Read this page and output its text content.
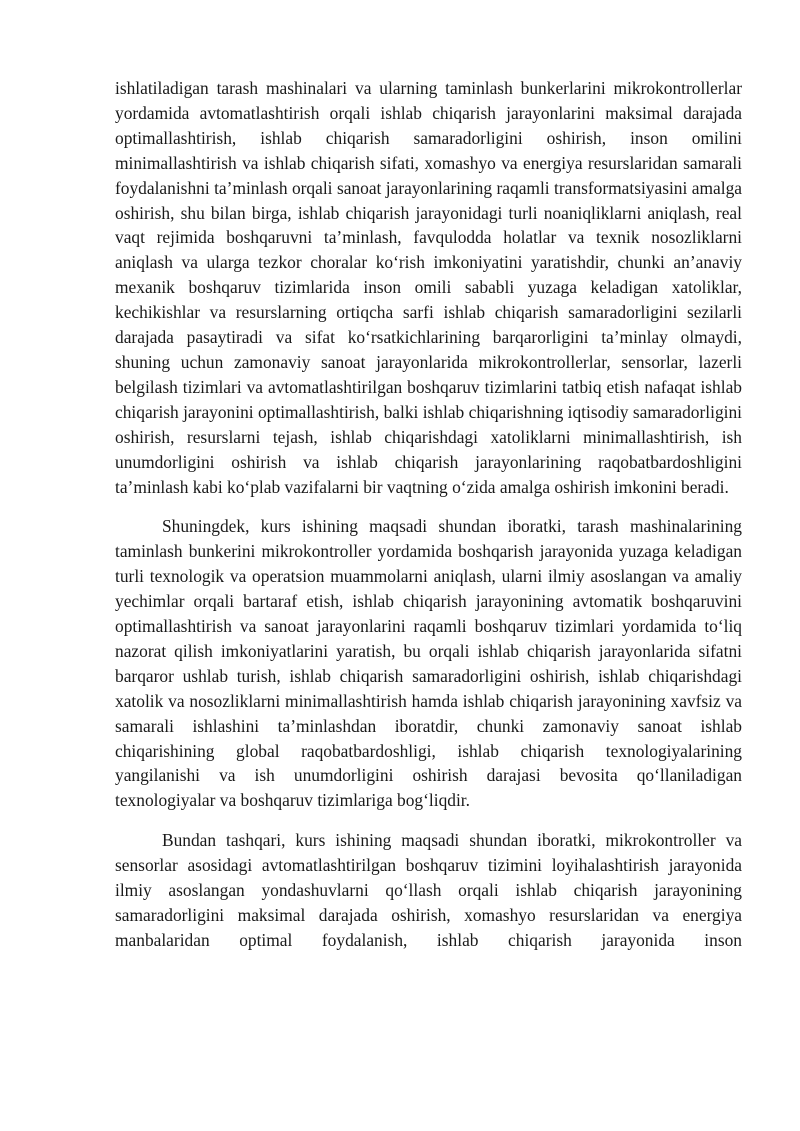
ishlatiladigan tarash mashinalari va ularning taminlash bunkerlarini mikrokontrollerlar yordamida avtomatlashtirish orqali ishlab chiqarish jarayonlarini maksimal darajada optimallashtirish, ishlab chiqarish samaradorligini oshirish, inson omilini minimallashtirish va ishlab chiqarish sifati, xomashyo va energiya resurslaridan samarali foydalanishni ta’minlash orqali sanoat jarayonlarining raqamli transformatsiyasini amalga oshirish, shu bilan birga, ishlab chiqarish jarayonidagi turli noaniqliklarni aniqlash, real vaqt rejimida boshqaruvni ta’minlash, favqulodda holatlar va texnik nosozliklarni aniqlash va ularga tezkor choralar ko‘rish imkoniyatini yaratishdir, chunki an’anaviy mexanik boshqaruv tizimlarida inson omili sababli yuzaga keladigan xatoliklar, kechikishlar va resurslarning ortiqcha sarfi ishlab chiqarish samaradorligini sezilarli darajada pasaytiradi va sifat ko‘rsatkichlarining barqarorligini ta’minlay olmaydi, shuning uchun zamonaviy sanoat jarayonlarida mikrokontrollerlar, sensorlar, lazerli belgilash tizimlari va avtomatlashtirilgan boshqaruv tizimlarini tatbiq etish nafaqat ishlab chiqarish jarayonini optimallashtirish, balki ishlab chiqarishning iqtisodiy samaradorligini oshirish, resurslarni tejash, ishlab chiqarishdagi xatoliklarni minimallashtirish, ish unumdorligini oshirish va ishlab chiqarish jarayonlarining raqobatbardoshligini ta’minlash kabi ko‘plab vazifalarni bir vaqtning o‘zida amalga oshirish imkonini beradi.

Shuningdek, kurs ishining maqsadi shundan iboratki, tarash mashinalarining taminlash bunkerini mikrokontroller yordamida boshqarish jarayonida yuzaga keladigan turli texnologik va operatsion muammolarni aniqlash, ularni ilmiy asoslangan va amaliy yechimlar orqali bartaraf etish, ishlab chiqarish jarayonining avtomatik boshqaruvini optimallashtirish va sanoat jarayonlarini raqamli boshqaruv tizimlari yordamida to‘liq nazorat qilish imkoniyatlarini yaratish, bu orqali ishlab chiqarish jarayonlarida sifatni barqaror ushlab turish, ishlab chiqarish samaradorligini oshirish, ishlab chiqarishdagi xatolik va nosozliklarni minimallashtirish hamda ishlab chiqarish jarayonining xavfsiz va samarali ishlashini ta’minlashdan iboratdir, chunki zamonaviy sanoat ishlab chiqarishining global raqobatbardoshligi, ishlab chiqarish texnologiyalarining yangilanishi va ish unumdorligini oshirish darajasi bevosita qo‘llaniladigan texnologiyalar va boshqaruv tizimlariga bog‘liqdir.

Bundan tashqari, kurs ishining maqsadi shundan iboratki, mikrokontroller va sensorlar asosidagi avtomatlashtirilgan boshqaruv tizimini loyihalashtirish jarayonida ilmiy asoslangan yondashuvlarni qo‘llash orqali ishlab chiqarish jarayonining samaradorligini maksimal darajada oshirish, xomashyo resurslaridan va energiya manbalaridan optimal foydalanish, ishlab chiqarish jarayonida inson
